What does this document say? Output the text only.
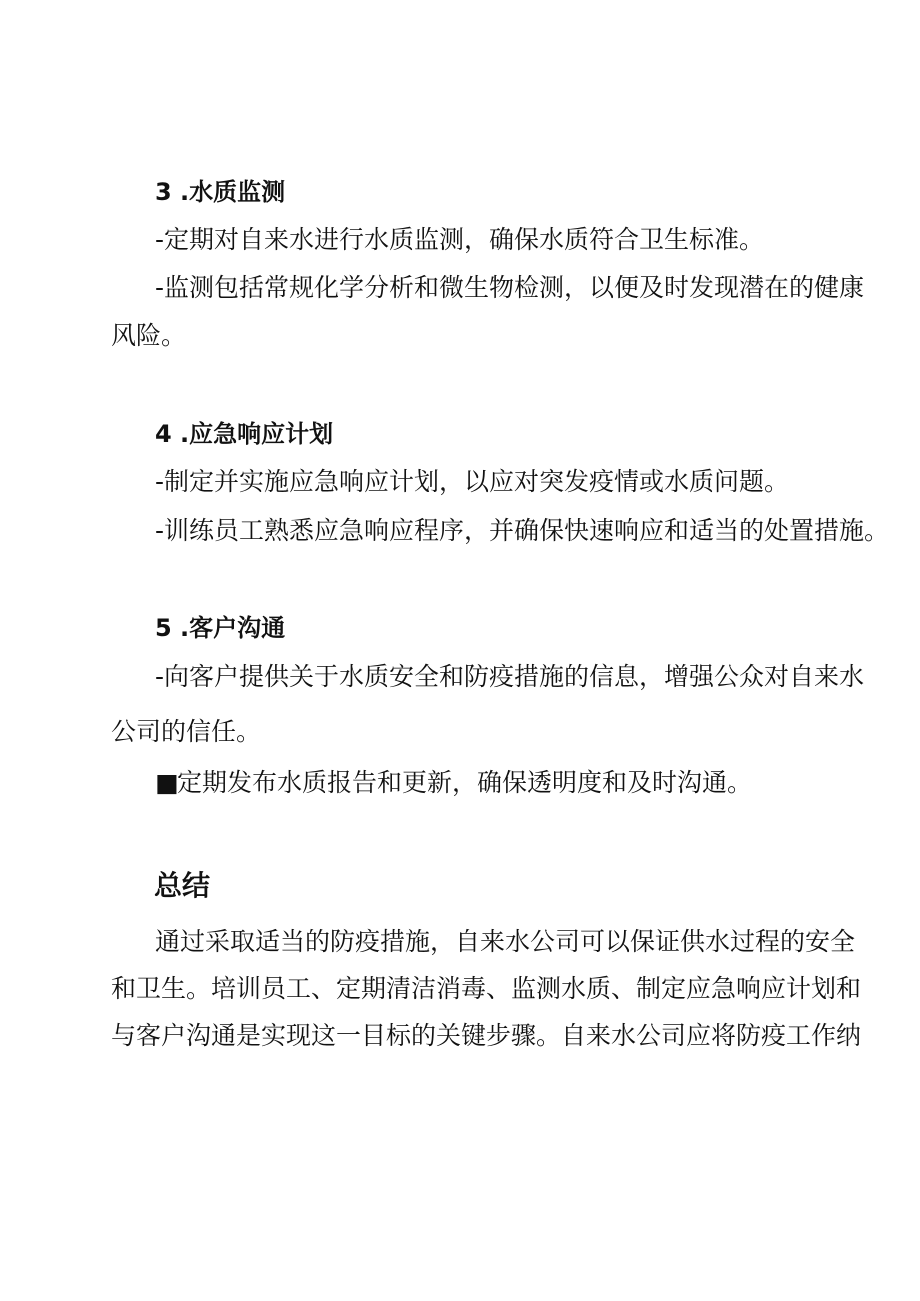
3 .水质监测
-定期对自来水进行水质监测，确保水质符合卫生标准。
-监测包括常规化学分析和微生物检测，以便及时发现潜在的健康
风险。
4 .应急响应计划
-制定并实施应急响应计划，以应对突发疫情或水质问题。
-训练员工熟悉应急响应程序，并确保快速响应和适当的处置措施。
5 .客户沟通
-向客户提供关于水质安全和防疫措施的信息，增强公众对自来水
公司的信任。
■定期发布水质报告和更新，确保透明度和及时沟通。
总结
通过采取适当的防疫措施，自来水公司可以保证供水过程的安全
和卫生。培训员工、定期清洁消毒、监测水质、制定应急响应计划和
与客户沟通是实现这一目标的关键步骤。自来水公司应将防疫工作纳
